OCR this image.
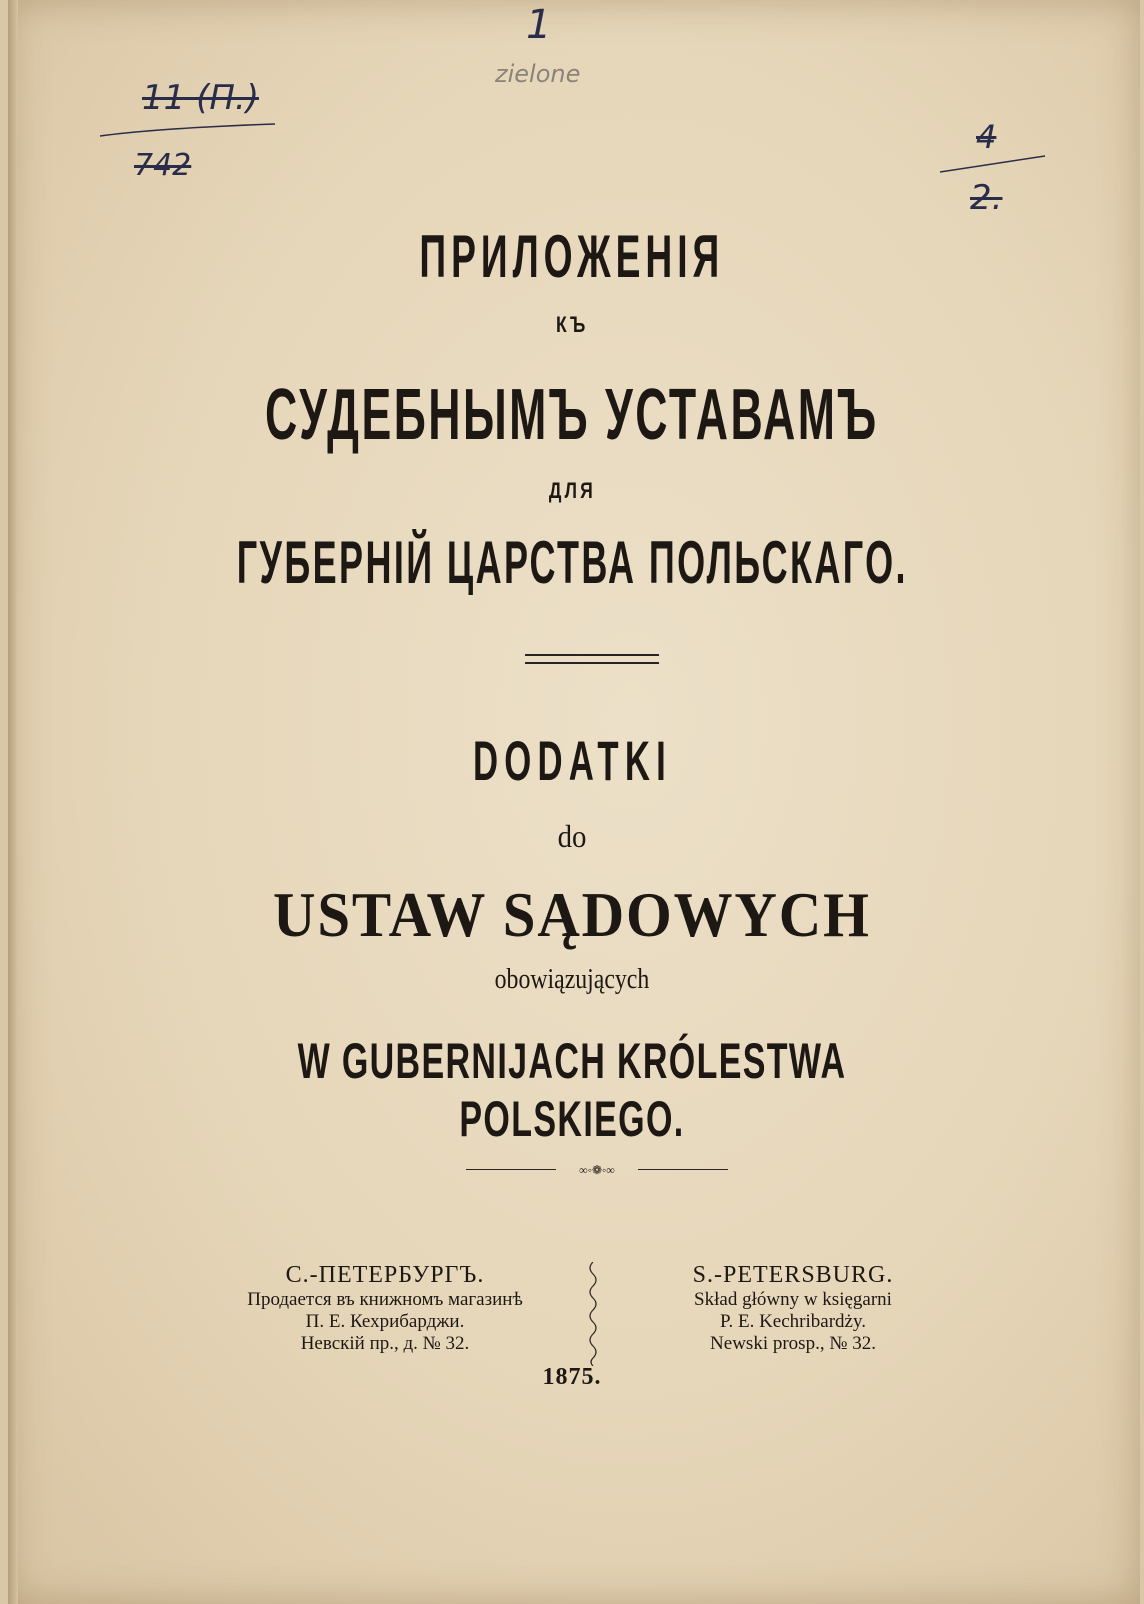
1
zielone
11 (П.)
742
4
2.
ПРИЛОЖЕНІЯ
КЪ
СУДЕБНЫМЪ УСТАВАМЪ
ДЛЯ
ГУБЕРНІЙ ЦАРСТВА ПОЛЬСКАГО.
DODATKI
do
USTAW SĄDOWYCH
obowiązujących
W GUBERNIJACH KRÓLESTWA POLSKIEGO.
∞◦❁◦∞
С.-ПЕТЕРБУРГЪ.
Продается въ книжномъ магазинѣ
П. Е. Кехрибарджи.
Невскій пр., д. № 32.
S.-PETERSBURG.
Skład główny w księgarni
P. E. Kechribardży.
Newski prosp., № 32.
1875.
